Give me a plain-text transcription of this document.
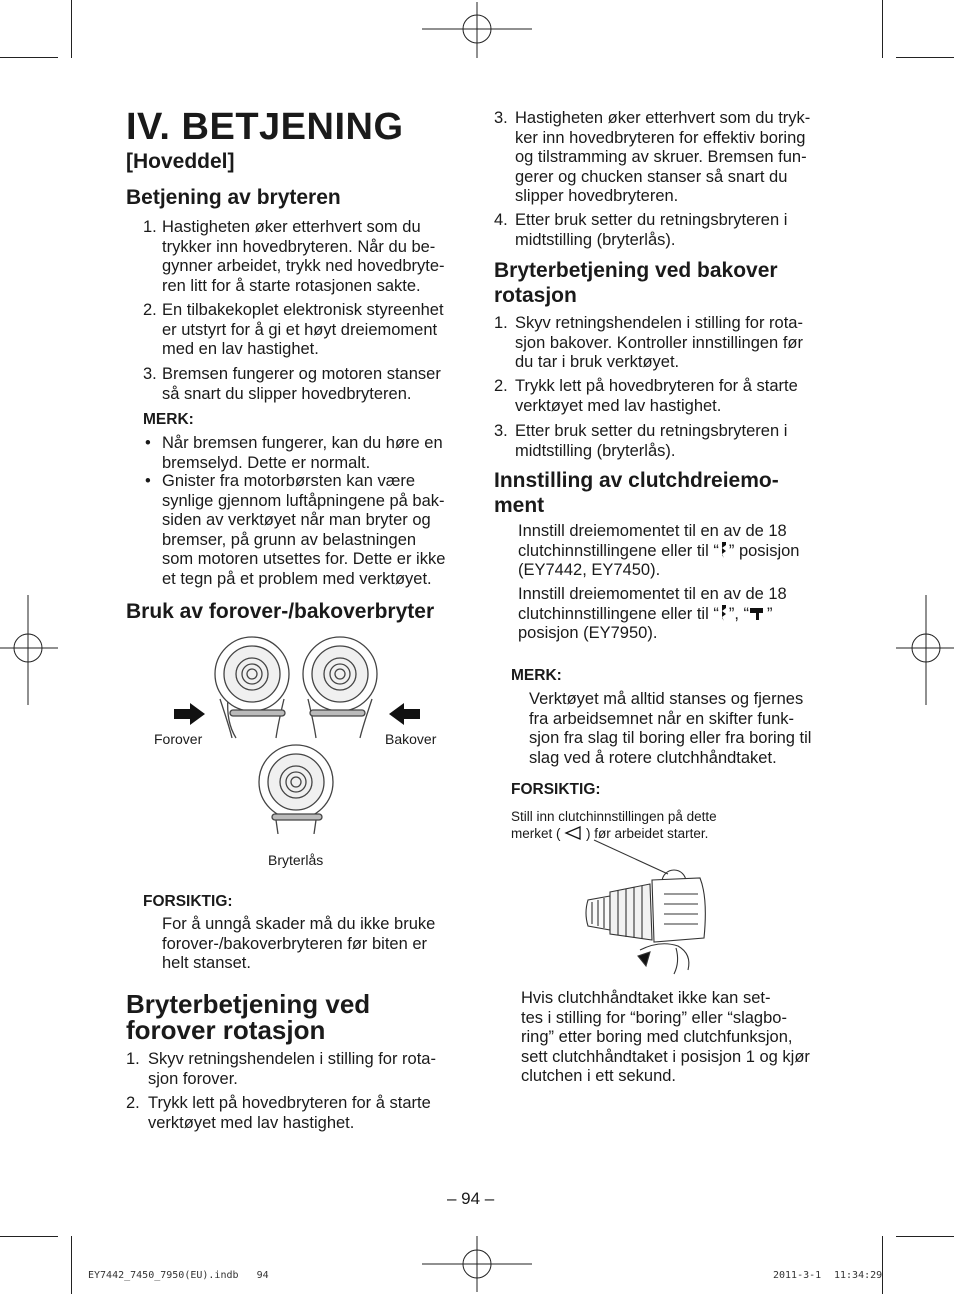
IV. BETJENING
[Hoveddel]
Betjening av bryteren
1. Hastigheten øker etterhvert som du
trykker inn hovedbryteren. Når du be-
gynner arbeidet, trykk ned hovedbryte-
ren litt for å starte rotasjonen sakte.
2. En tilbakekoplet elektronisk styreenhet
er utstyrt for å gi et høyt dreiemoment
med en lav hastighet.
3. Bremsen fungerer og motoren stanser
så snart du slipper hovedbryteren.
MERK:
• Når bremsen fungerer, kan du høre en
bremselyd. Dette er normalt.
• Gnister fra motorbørsten kan være
synlige gjennom luftåpningene på bak-
siden av verktøyet når man bryter og
bremser, på grunn av belastningen
som motoren utsettes for. Dette er ikke
et tegn på et problem med verktøyet.
Bruk av forover-/bakoverbryter
Forover	Bakover
Bryterlås
FORSIKTIG:
For å unngå skader må du ikke bruke
forover-/bakoverbryteren før biten er
helt stanset.
Bryterbetjening ved
forover rotasjon
1. Skyv retningshendelen i stilling for rota-
sjon forover.
2. Trykk lett på hovedbryteren for å starte
verktøyet med lav hastighet.
3. Hastigheten øker etterhvert som du tryk-
ker inn hovedbryteren for effektiv boring
og tilstramming av skruer. Bremsen fun-
gerer og chucken stanser så snart du
slipper hovedbryteren.
4. Etter bruk setter du retningsbryteren i
midtstilling (bryterlås).
Bryterbetjening ved bakover
rotasjon
1. Skyv retningshendelen i stilling for rota-
sjon bakover. Kontroller innstillingen før
du tar i bruk verktøyet.
2. Trykk lett på hovedbryteren for å starte
verktøyet med lav hastighet.
3. Etter bruk setter du retningsbryteren i
midtstilling (bryterlås).
Innstilling av clutchdreiemo-
ment
Innstill dreiemomentet til en av de 18
clutchinnstillingene eller til “ ” posisjon
(EY7442, EY7450).
Innstill dreiemomentet til en av de 18
clutchinnstillingene eller til “ ”, “ ”
posisjon (EY7950).
MERK:
Verktøyet må alltid stanses og fjernes
fra arbeidsemnet når en skifter funk-
sjon fra slag til boring eller fra boring til
slag ved å rotere clutchhåndtaket.
FORSIKTIG:
Still inn clutchinnstillingen på dette
merket ( ) før arbeidet starter.
Hvis clutchhåndtaket ikke kan set-
tes i stilling for “boring” eller “slagbo-
ring” etter boring med clutchfunksjon,
sett clutchhåndtaket i posisjon 1 og kjør
clutchen i ett sekund.
– 94 –
EY7442_7450_7950(EU).indb   94	2011-3-1 11:34:29
